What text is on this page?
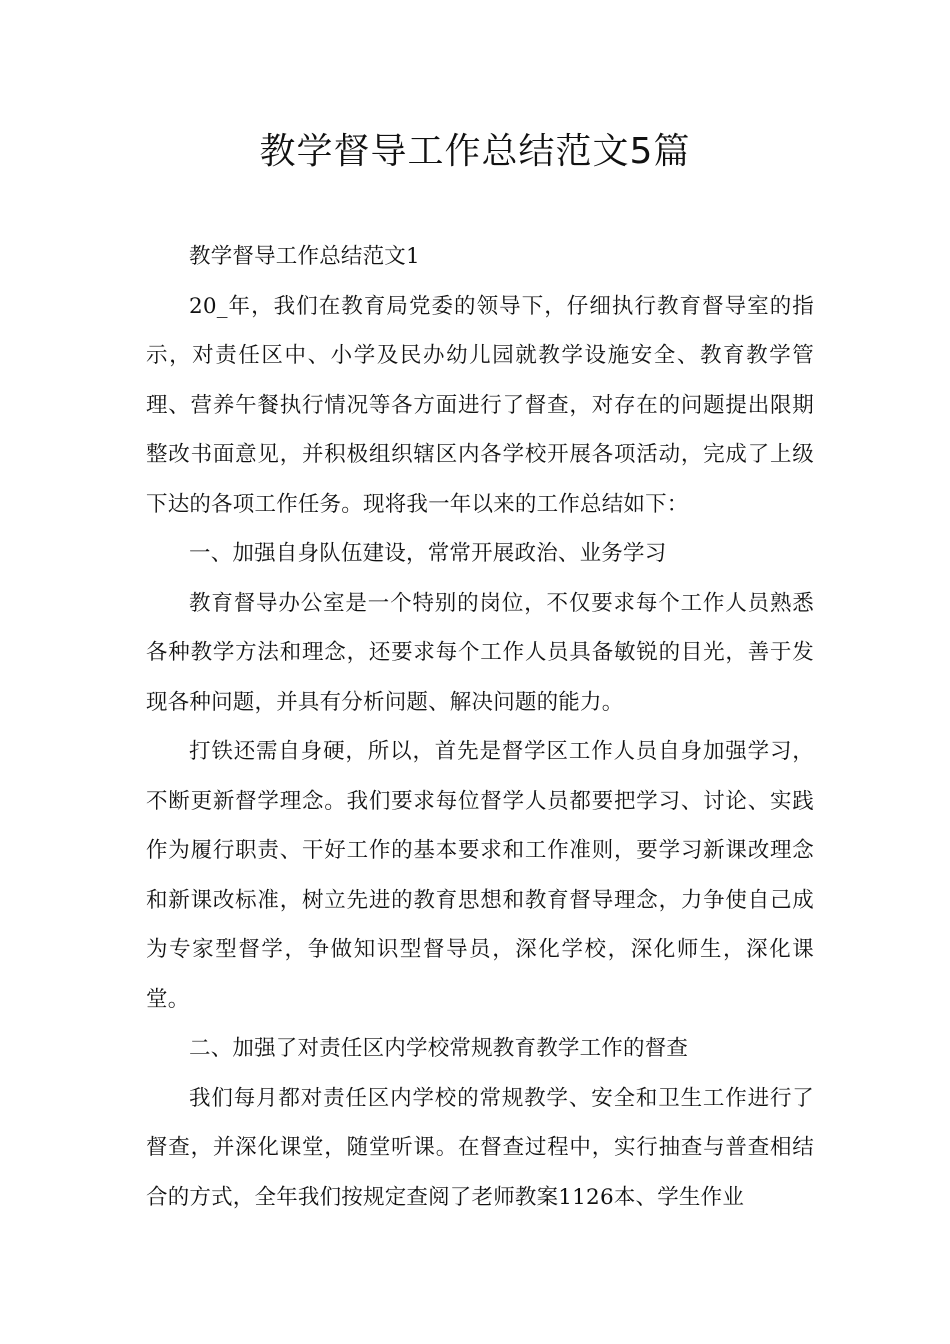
教学督导工作总结范文5篇

教学督导工作总结范文1

20_年，我们在教育局党委的领导下，仔细执行教育督导室的指示，对责任区中、小学及民办幼儿园就教学设施安全、教育教学管理、营养午餐执行情况等各方面进行了督查，对存在的问题提出限期整改书面意见，并积极组织辖区内各学校开展各项活动，完成了上级下达的各项工作任务。现将我一年以来的工作总结如下：

一、加强自身队伍建设，常常开展政治、业务学习

教育督导办公室是一个特别的岗位，不仅要求每个工作人员熟悉各种教学方法和理念，还要求每个工作人员具备敏锐的目光，善于发现各种问题，并具有分析问题、解决问题的能力。

打铁还需自身硬，所以，首先是督学区工作人员自身加强学习，不断更新督学理念。我们要求每位督学人员都要把学习、讨论、实践作为履行职责、干好工作的基本要求和工作准则，要学习新课改理念和新课改标准，树立先进的教育思想和教育督导理念，力争使自己成为专家型督学，争做知识型督导员，深化学校，深化师生，深化课堂。

二、加强了对责任区内学校常规教育教学工作的督查

我们每月都对责任区内学校的常规教学、安全和卫生工作进行了督查，并深化课堂，随堂听课。在督查过程中，实行抽查与普查相结合的方式，全年我们按规定查阅了老师教案1126本、学生作业
